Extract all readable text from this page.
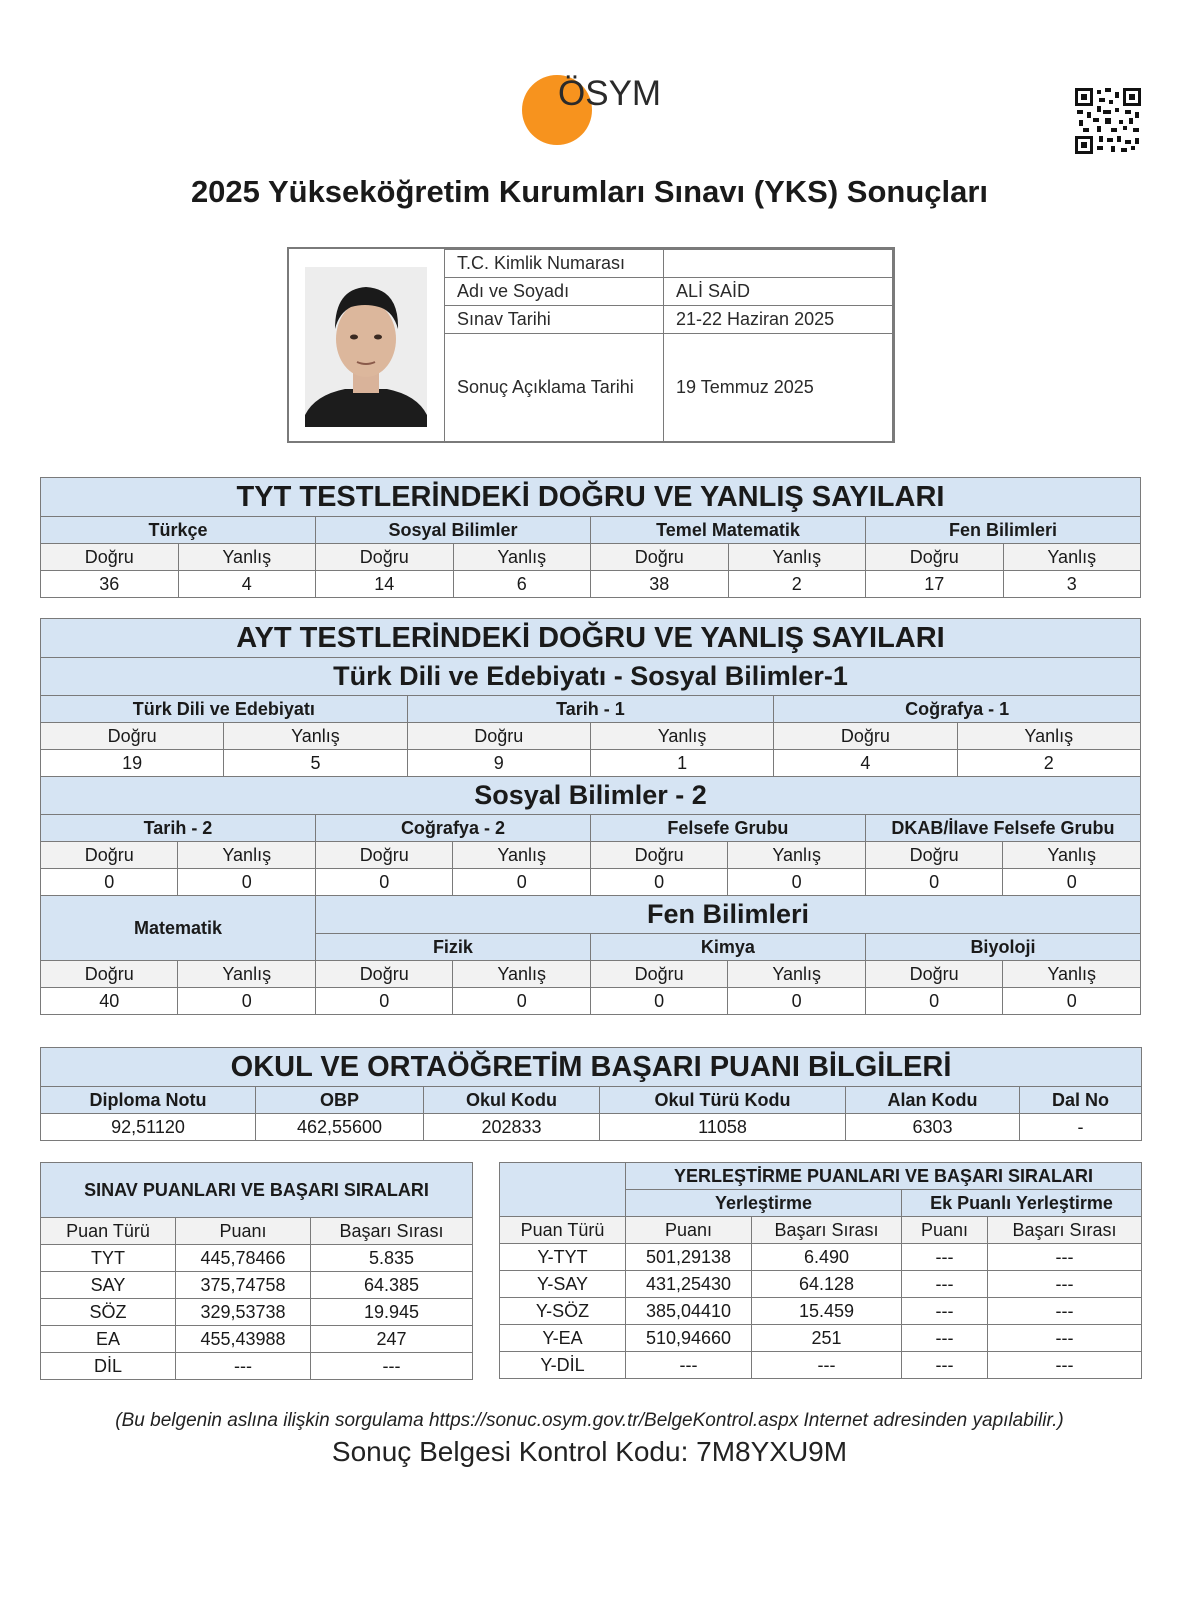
ÖSYM
2025 Yükseköğretim Kurumları Sınavı (YKS) Sonuçları
T.C. Kimlik Numarası	
Adı ve Soyadı	ALİ SAİD
Sınav Tarihi	21-22 Haziran 2025
Sonuç Açıklama Tarihi	19 Temmuz 2025
TYT TESTLERİNDEKİ DOĞRU VE YANLIŞ SAYILARI							
Türkçe		Sosyal Bilimler		Temel Matematik		Fen Bilimleri	
Doğru	Yanlış	Doğru	Yanlış	Doğru	Yanlış	Doğru	Yanlış
36	4	14	6	38	2	17	3
AYT TESTLERİNDEKİ DOĞRU VE YANLIŞ SAYILARI											
Türk Dili ve Edebiyatı - Sosyal Bilimler-1											
Türk Dili ve Edebiyatı				Tarih - 1				Coğrafya - 1			
Doğru		Yanlış		Doğru		Yanlış		Doğru		Yanlış	
19		5		9		1		4		2	
Sosyal Bilimler - 2											
Tarih - 2			Coğrafya - 2			Felsefe Grubu			DKAB/İlave Felsefe Grubu		
Doğru	Yanlış		Doğru		Yanlış	Doğru	Yanlış		Doğru		Yanlış
0	0		0		0	0	0		0		0
Matematik			Fen Bilimleri								
			Fizik			Kimya			Biyoloji		
Doğru	Yanlış		Doğru		Yanlış	Doğru	Yanlış		Doğru		Yanlış
40	0		0		0	0	0		0		0
OKUL VE ORTAÖĞRETİM BAŞARI PUANI BİLGİLERİ					
Diploma Notu	OBP	Okul Kodu	Okul Türü Kodu	Alan Kodu	Dal No
92,51120	462,55600	202833	11058	6303	-
SINAV PUANLARI VE BAŞARI SIRALARI		
Puan Türü	Puanı	Başarı Sırası
TYT	445,78466	5.835
SAY	375,74758	64.385
SÖZ	329,53738	19.945
EA	455,43988	247
DİL	---	---
	YERLEŞTİRME PUANLARI VE BAŞARI SIRALARI			
	Yerleştirme		Ek Puanlı Yerleştirme	
Puan Türü	Puanı	Başarı Sırası	Puanı	Başarı Sırası
Y-TYT	501,29138	6.490	---	---
Y-SAY	431,25430	64.128	---	---
Y-SÖZ	385,04410	15.459	---	---
Y-EA	510,94660	251	---	---
Y-DİL	---	---	---	---
(Bu belgenin aslına ilişkin sorgulama https://sonuc.osym.gov.tr/BelgeKontrol.aspx Internet adresinden yapılabilir.)
Sonuç Belgesi Kontrol Kodu: 7M8YXU9M
